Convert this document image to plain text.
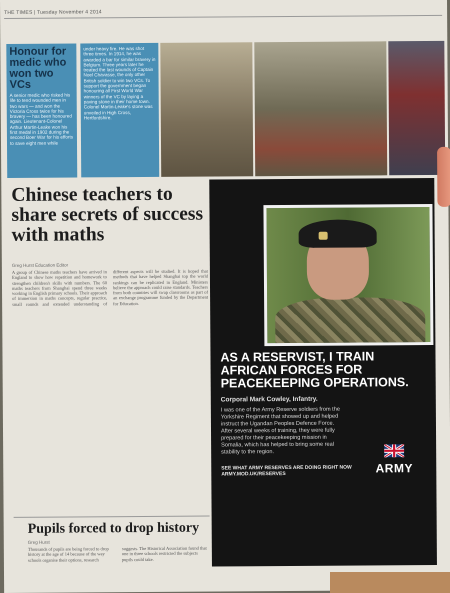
THE TIMES | Tuesday November 4 2014
Honour for medic who won two VCs
A senior medic who risked his life to tend wounded men in two wars — and won the Victoria Cross twice for his bravery — has been honoured again. Lieutenant-Colonel Arthur Martin-Leake won his first medal in 1902 during the second Boer War for his efforts to save eight men while
under heavy fire. He was shot three times. In 1914, he was awarded a bar for similar bravery in Belgium. Three years later he treated the last wounds of Captain Noel Chavasse, the only other British soldier to win two VCs. To support the government began honouring all First World War winners of the VC by laying a paving stone in their home town. Colonel Martin-Leake's stone was unveiled in High Cross, Hertfordshire.
Chinese teachers to share secrets of success with maths
Greg Hurst Education Editor
A group of Chinese maths teachers have arrived in England to show how repetition and homework to strengthen children's skills with numbers. The 60 maths teachers from Shanghai spend three weeks working in English primary schools. Their approach of immersion in maths concepts, regular practice, small rounds and extended understanding of different aspects will be studied. It is hoped that methods that have helped Shanghai top the world rankings can be replicated in England. Ministers believe the approach could raise standards. Teachers from both countries will swap classrooms as part of an exchange programme funded by the Department for Education.
Pupils forced to drop history
Greg Hurst
Thousands of pupils are being forced to drop history at the age of 14 because of the way schools organise their options, research suggests. The Historical Association found that one in three schools restricted the subjects pupils could take.
AS A RESERVIST, I TRAIN AFRICAN FORCES FOR PEACEKEEPING OPERATIONS.
Corporal Mark Cowley, Infantry.
I was one of the Army Reserve soldiers from the Yorkshire Regiment that showed up and helped instruct the Ugandan Peoples Defence Force. After several weeks of training, they were fully prepared for their peacekeeping mission in Somalia, which has helped to bring some real stability to the region.
ARMY
SEE WHAT ARMY RESERVES ARE DOING RIGHT NOW ARMY.MOD.UK/RESERVES
